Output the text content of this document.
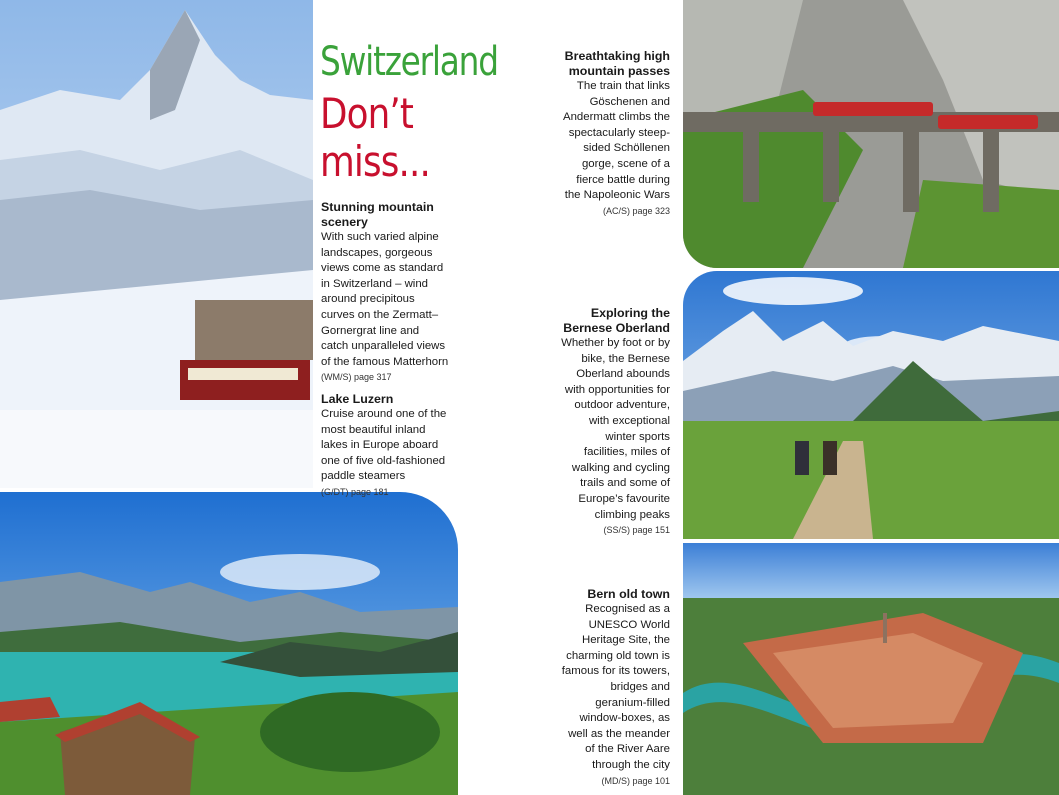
Switzerland
Don’t miss...
Stunning mountain scenery
With such varied alpine landscapes, gorgeous views come as standard in Switzerland – wind around precipitous curves on the Zermatt–Gornergrat line and catch unparalleled views of the famous Matterhorn
(WM/S) page 317
Lake Luzern
Cruise around one of the most beautiful inland lakes in Europe aboard one of five old-fashioned paddle steamers
(G/DT) page 181
Breathtaking high mountain passes
The train that links Göschenen and Andermatt climbs the spectacularly steep-sided Schöllenen gorge, scene of a fierce battle during the Napoleonic Wars
(AC/S) page 323
Exploring the Bernese Oberland
Whether by foot or by bike, the Bernese Oberland abounds with opportunities for outdoor adventure, with exceptional winter sports facilities, miles of walking and cycling trails and some of Europe’s favourite climbing peaks
(SS/S) page 151
Bern old town
Recognised as a UNESCO World Heritage Site, the charming old town is famous for its towers, bridges and geranium-filled window-boxes, as well as the meander of the River Aare through the city
(MD/S) page 101
